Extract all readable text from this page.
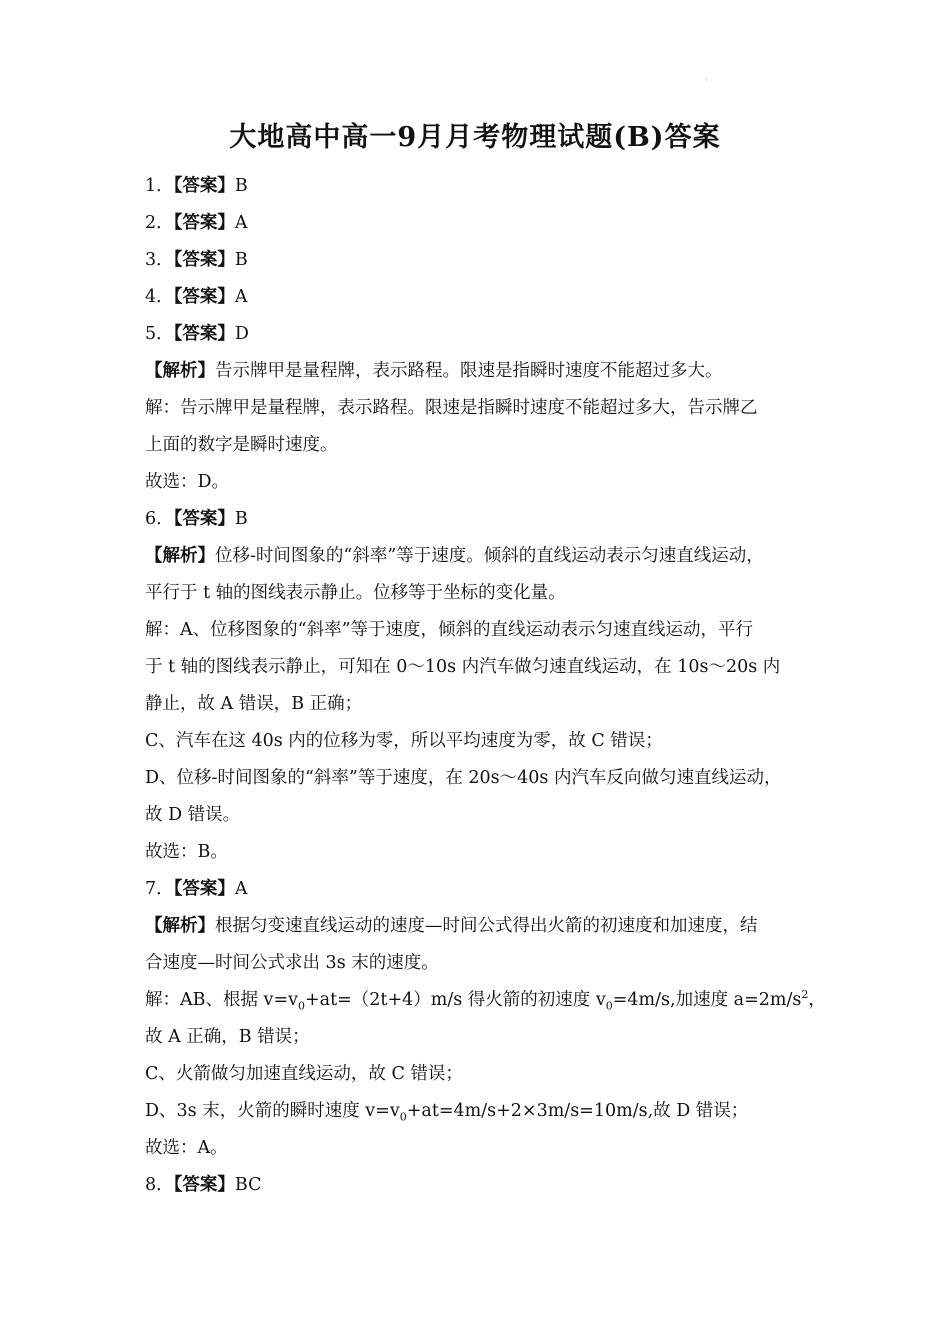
·
大地高中高一9月月考物理试题(B)答案
1．【答案】B
2．【答案】A
3．【答案】B
4．【答案】A
5．【答案】D
【解析】告示牌甲是量程牌，表示路程。限速是指瞬时速度不能超过多大。
解：告示牌甲是量程牌，表示路程。限速是指瞬时速度不能超过多大，告示牌乙
上面的数字是瞬时速度。
故选：D。
6．【答案】B
【解析】位移-时间图象的“斜率”等于速度。倾斜的直线运动表示匀速直线运动，
平行于 t 轴的图线表示静止。位移等于坐标的变化量。
解：A、位移图象的“斜率”等于速度，倾斜的直线运动表示匀速直线运动，平行
于 t 轴的图线表示静止，可知在 0～10s 内汽车做匀速直线运动，在 10s～20s 内
静止，故 A 错误，B 正确；
C、汽车在这 40s 内的位移为零，所以平均速度为零，故 C 错误；
D、位移-时间图象的“斜率”等于速度，在 20s～40s 内汽车反向做匀速直线运动，
故 D 错误。
故选：B。
7．【答案】A
【解析】根据匀变速直线运动的速度—时间公式得出火箭的初速度和加速度，结
合速度—时间公式求出 3s 末的速度。
解：AB、根据 $v=v_0+at=(2t+4)m/s$ 得火箭的初速度 $v_0=4m/s$,加速度 $a=2m/s^2$，
故 A 正确，B 错误；
C、火箭做匀加速直线运动，故 C 错误；
D、3s 末，火箭的瞬时速度 $v=v_0+at=4m/s+2\times 3m/s=10m/s$,故 D 错误；
故选：A。
8．【答案】BC
